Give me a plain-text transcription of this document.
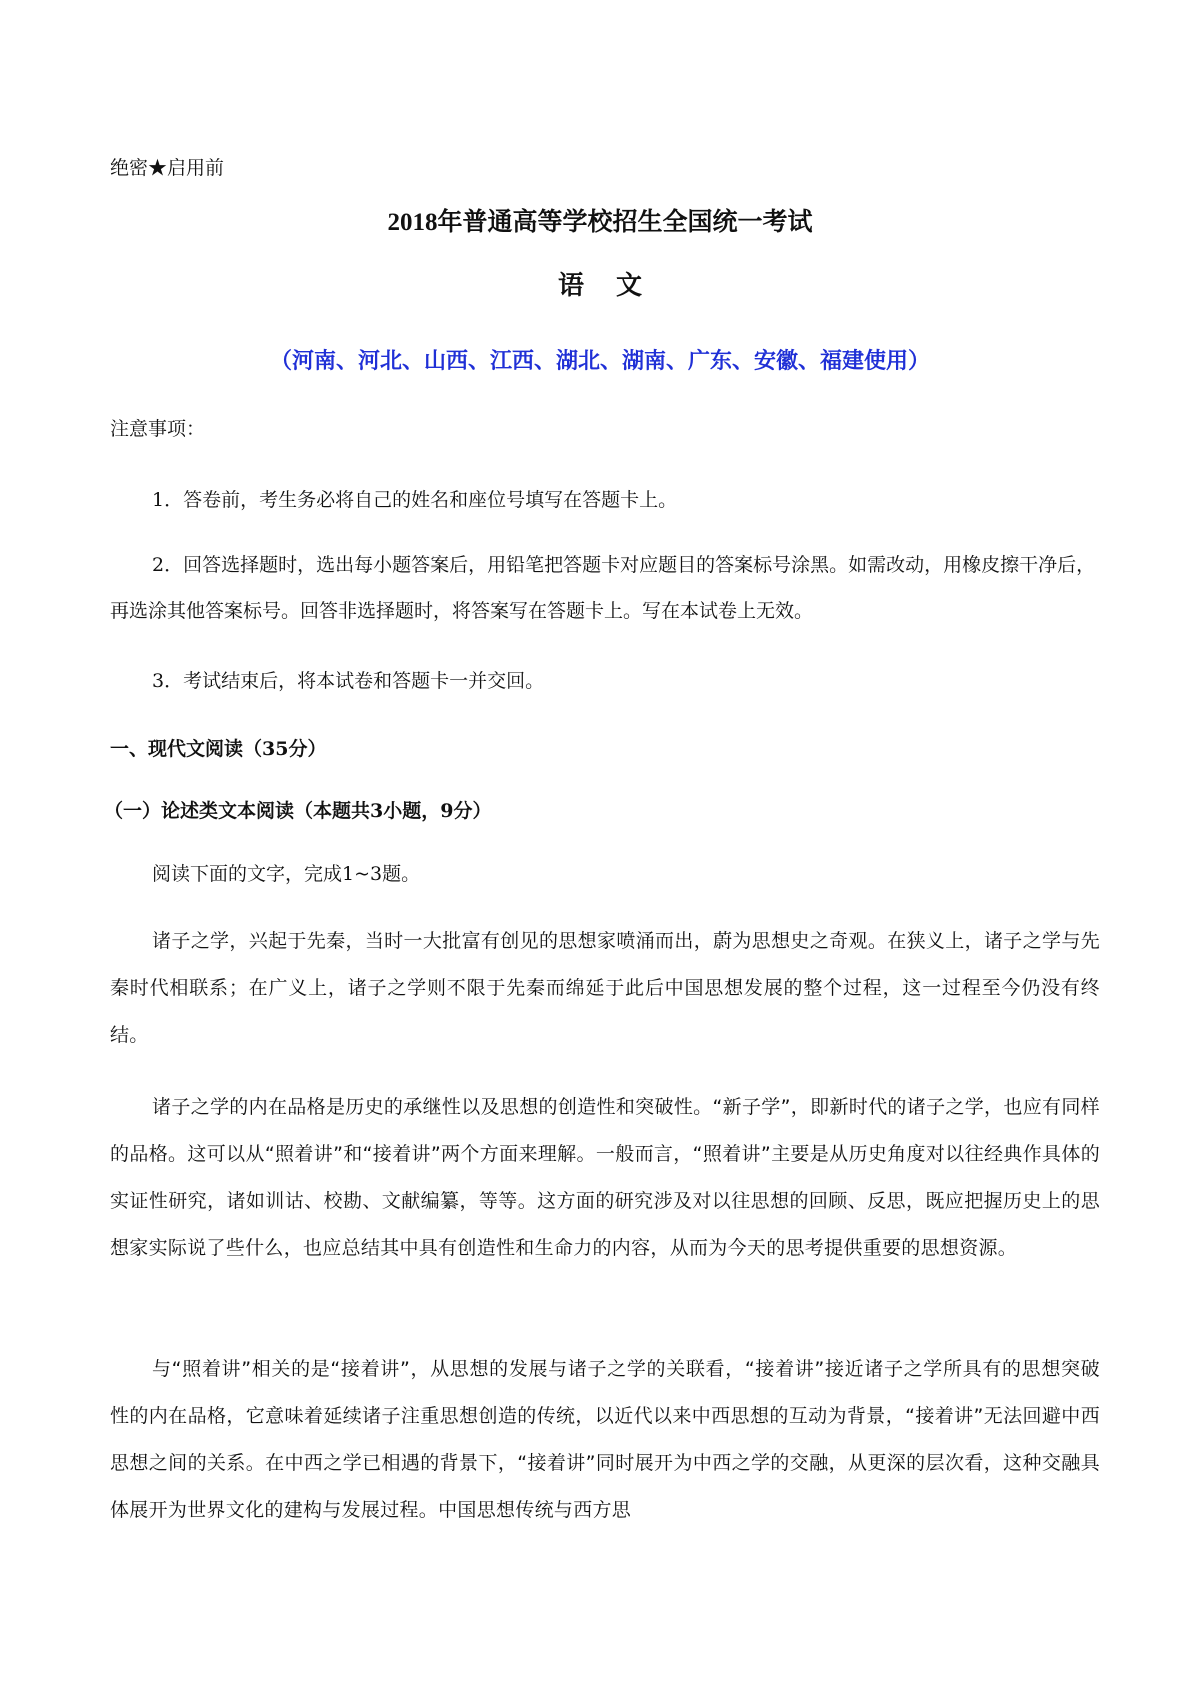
绝密★启用前

2018年普通高等学校招生全国统一考试
语文

（河南、河北、山西、江西、湖北、湖南、广东、安徽、福建使用）

注意事项：

1．答卷前，考生务必将自己的姓名和座位号填写在答题卡上。

2．回答选择题时，选出每小题答案后，用铅笔把答题卡对应题目的答案标号涂黑。如需改动，用橡皮擦干净后，再选涂其他答案标号。回答非选择题时，将答案写在答题卡上。写在本试卷上无效。

3．考试结束后，将本试卷和答题卡一并交回。

一、现代文阅读（35分）

（一）论述类文本阅读（本题共3小题，9分）

阅读下面的文字，完成1~3题。

诸子之学，兴起于先秦，当时一大批富有创见的思想家喷涌而出，蔚为思想史之奇观。在狭义上，诸子之学与先秦时代相联系；在广义上，诸子之学则不限于先秦而绵延于此后中国思想发展的整个过程，这一过程至今仍没有终结。

诸子之学的内在品格是历史的承继性以及思想的创造性和突破性。“新子学”，即新时代的诸子之学，也应有同样的品格。这可以从“照着讲”和“接着讲”两个方面来理解。一般而言，“照着讲”主要是从历史角度对以往经典作具体的实证性研究，诸如训诂、校勘、文献编纂，等等。这方面的研究涉及对以往思想的回顾、反思，既应把握历史上的思想家实际说了些什么，也应总结其中具有创造性和生命力的内容，从而为今天的思考提供重要的思想资源。

与“照着讲”相关的是“接着讲”，从思想的发展与诸子之学的关联看，“接着讲”接近诸子之学所具有的思想突破性的内在品格，它意味着延续诸子注重思想创造的传统，以近代以来中西思想的互动为背景，“接着讲”无法回避中西思想之间的关系。在中西之学已相遇的背景下，“接着讲”同时展开为中西之学的交融，从更深的层次看，这种交融具体展开为世界文化的建构与发展过程。中国思想传统与西方思
